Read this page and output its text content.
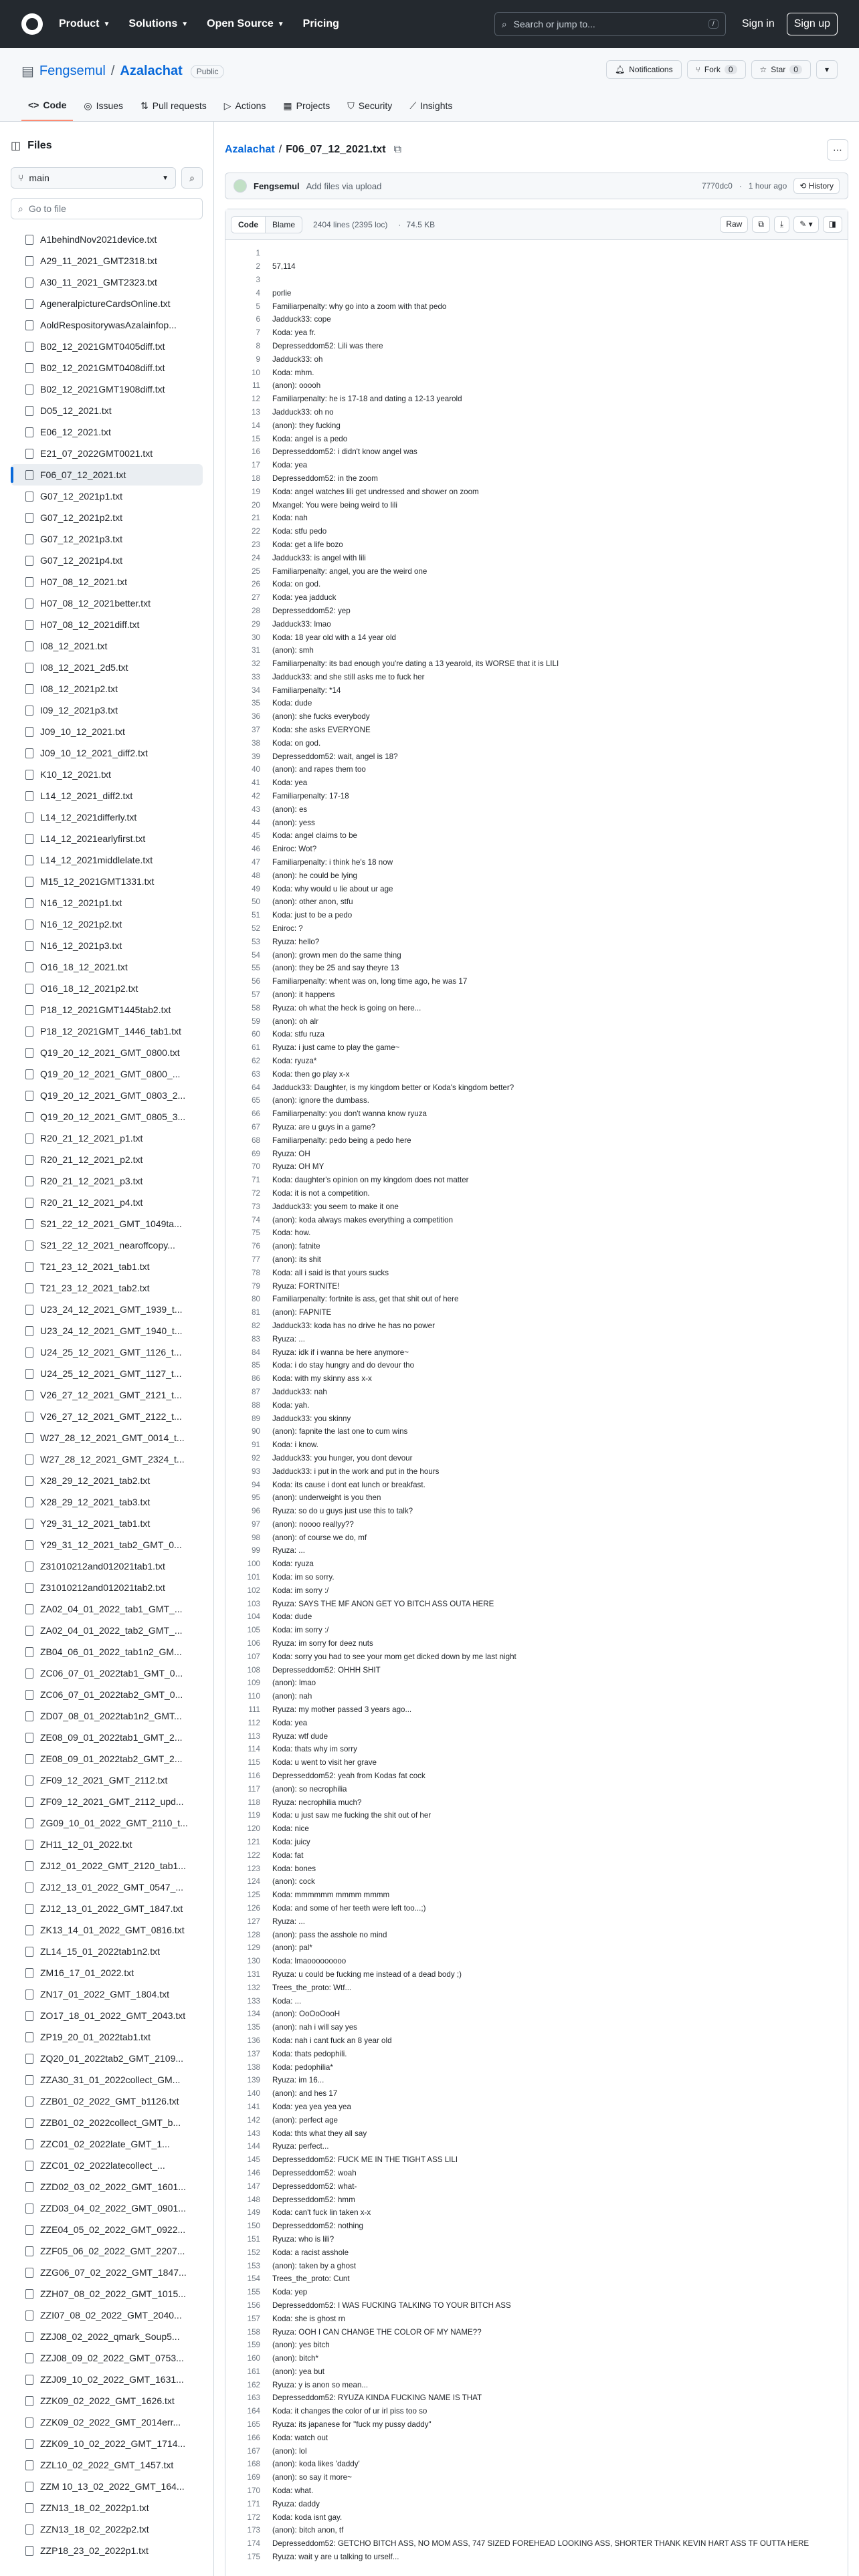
Product ▼ Solutions ▼ Open Source ▼ Pricing	⌕ Search or jump to...	/	Sign in	Sign up
▤ Fengsemul / Azalachat	Public	🔔︎ Notifications	⑂ Fork	0	☆ Star	0	▾
<> Code ◎ Issues ⇅ Pull requests ▷ Actions ▦ Projects ⛉ Security ⟋ Insights
◫ Files
⑂ main	▼ ⌕
⌕ Go to file
A1behindNov2021device.txt
A29_11_2021_GMT2318.txt
A30_11_2021_GMT2323.txt
AgeneralpictureCardsOnline.txt
AoldRespositorywasAzalainfop...
B02_12_2021GMT0405diff.txt
B02_12_2021GMT0408diff.txt
B02_12_2021GMT1908diff.txt
D05_12_2021.txt
E06_12_2021.txt
E21_07_2022GMT0021.txt
F06_07_12_2021.txt
G07_12_2021p1.txt
G07_12_2021p2.txt
G07_12_2021p3.txt
G07_12_2021p4.txt
H07_08_12_2021.txt
H07_08_12_2021better.txt
H07_08_12_2021diff.txt
I08_12_2021.txt
I08_12_2021_2d5.txt
I08_12_2021p2.txt
I09_12_2021p3.txt
J09_10_12_2021.txt
J09_10_12_2021_diff2.txt
K10_12_2021.txt
L14_12_2021_diff2.txt
L14_12_2021differly.txt
L14_12_2021earlyfirst.txt
L14_12_2021middlelate.txt
M15_12_2021GMT1331.txt
N16_12_2021p1.txt
N16_12_2021p2.txt
N16_12_2021p3.txt
O16_18_12_2021.txt
O16_18_12_2021p2.txt
P18_12_2021GMT1445tab2.txt
P18_12_2021GMT_1446_tab1.txt
Q19_20_12_2021_GMT_0800.txt
Q19_20_12_2021_GMT_0800_...
Q19_20_12_2021_GMT_0803_2...
Q19_20_12_2021_GMT_0805_3...
R20_21_12_2021_p1.txt
R20_21_12_2021_p2.txt
R20_21_12_2021_p3.txt
R20_21_12_2021_p4.txt
S21_22_12_2021_GMT_1049ta...
S21_22_12_2021_nearoffcopy...
T21_23_12_2021_tab1.txt
T21_23_12_2021_tab2.txt
U23_24_12_2021_GMT_1939_t...
U23_24_12_2021_GMT_1940_t...
U24_25_12_2021_GMT_1126_t...
U24_25_12_2021_GMT_1127_t...
V26_27_12_2021_GMT_2121_t...
V26_27_12_2021_GMT_2122_t...
W27_28_12_2021_GMT_0014_t...
W27_28_12_2021_GMT_2324_t...
X28_29_12_2021_tab2.txt
X28_29_12_2021_tab3.txt
Y29_31_12_2021_tab1.txt
Y29_31_12_2021_tab2_GMT_0...
Z31010212and012021tab1.txt
Z31010212and012021tab2.txt
ZA02_04_01_2022_tab1_GMT_...
ZA02_04_01_2022_tab2_GMT_...
ZB04_06_01_2022_tab1n2_GM...
ZC06_07_01_2022tab1_GMT_0...
ZC06_07_01_2022tab2_GMT_0...
ZD07_08_01_2022tab1n2_GMT...
ZE08_09_01_2022tab1_GMT_2...
ZE08_09_01_2022tab2_GMT_2...
ZF09_12_2021_GMT_2112.txt
ZF09_12_2021_GMT_2112_upd...
ZG09_10_01_2022_GMT_2110_t...
ZH11_12_01_2022.txt
ZJ12_01_2022_GMT_2120_tab1...
ZJ12_13_01_2022_GMT_0547_...
ZJ12_13_01_2022_GMT_1847.txt
ZK13_14_01_2022_GMT_0816.txt
ZL14_15_01_2022tab1n2.txt
ZM16_17_01_2022.txt
ZN17_01_2022_GMT_1804.txt
ZO17_18_01_2022_GMT_2043.txt
ZP19_20_01_2022tab1.txt
ZQ20_01_2022tab2_GMT_2109...
ZZA30_31_01_2022collect_GM...
ZZB01_02_2022_GMT_b1126.txt
ZZB01_02_2022collect_GMT_b...
ZZC01_02_2022late_GMT_1...
ZZC01_02_2022latecollect_...
ZZD02_03_02_2022_GMT_1601...
ZZD03_04_02_2022_GMT_0901...
ZZE04_05_02_2022_GMT_0922...
ZZF05_06_02_2022_GMT_2207...
ZZG06_07_02_2022_GMT_1847...
ZZH07_08_02_2022_GMT_1015...
ZZI07_08_02_2022_GMT_2040...
ZZJ08_02_2022_qmark_Soup5...
ZZJ08_09_02_2022_GMT_0753...
ZZJ09_10_02_2022_GMT_1631...
ZZK09_02_2022_GMT_1626.txt
ZZK09_02_2022_GMT_2014err...
ZZK09_10_02_2022_GMT_1714...
ZZL10_02_2022_GMT_1457.txt
ZZM 10_13_02_2022_GMT_164...
ZZN13_18_02_2022p1.txt
ZZN13_18_02_2022p2.txt
ZZP18_23_02_2022p1.txt
Azalachat / F06_07_12_2021.txt ⧉	⋯
Fengsemul Add files via upload	7770dc0 · 1 hour ago	⟲ History
Code	Blame	2404 lines (2395 loc) · 74.5 KB	Raw	⧉	⤓	✎ ▾	◨
1
2	57,114
3
4	porlie
5	Familiarpenalty: why go into a zoom with that pedo
6	Jadduck33: cope
7	Koda: yea fr.
8	Depresseddom52: Lili was there
9	Jadduck33: oh
10	Koda: mhm.
11	(anon): ooooh
12	Familiarpenalty: he is 17-18 and dating a 12-13 yearold
13	Jadduck33: oh no
14	(anon): they fucking
15	Koda: angel is a pedo
16	Depresseddom52: i didn't know angel was
17	Koda: yea
18	Depresseddom52: in the zoom
19	Koda: angel watches lili get undressed and shower on zoom
20	Mxangel: You were being weird to lili
21	Koda: nah
22	Koda: stfu pedo
23	Koda: get a life bozo
24	Jadduck33: is angel with lili
25	Familiarpenalty: angel, you are the weird one
26	Koda: on god.
27	Koda: yea jadduck
28	Depresseddom52: yep
29	Jadduck33: lmao
30	Koda: 18 year old with a 14 year old
31	(anon): smh
32	Familiarpenalty: its bad enough you're dating a 13 yearold, its WORSE that it is LILI
33	Jadduck33: and she still asks me to fuck her
34	Familiarpenalty: *14
35	Koda: dude
36	(anon): she fucks everybody
37	Koda: she asks EVERYONE
38	Koda: on god.
39	Depresseddom52: wait, angel is 18?
40	(anon): and rapes them too
41	Koda: yea
42	Familiarpenalty: 17-18
43	(anon): es
44	(anon): yess
45	Koda: angel claims to be
46	Eniroc: Wot?
47	Familiarpenalty: i think he's 18 now
48	(anon): he could be lying
49	Koda: why would u lie about ur age
50	(anon): other anon, stfu
51	Koda: just to be a pedo
52	Eniroc: ?
53	Ryuza: hello?
54	(anon): grown men do the same thing
55	(anon): they be 25 and say theyre 13
56	Familiarpenalty: whent was on, long time ago, he was 17
57	(anon): it happens
58	Ryuza: oh what the heck is going on here...
59	(anon): oh alr
60	Koda: stfu ruza
61	Ryuza: i just came to play the game~
62	Koda: ryuza*
63	Koda: then go play x-x
64	Jadduck33: Daughter, is my kingdom better or Koda's kingdom better?
65	(anon): ignore the dumbass.
66	Familiarpenalty: you don't wanna know ryuza
67	Ryuza: are u guys in a game?
68	Familiarpenalty: pedo being a pedo here
69	Ryuza: OH
70	Ryuza: OH MY
71	Koda: daughter's opinion on my kingdom does not matter
72	Koda: it is not a competition.
73	Jadduck33: you seem to make it one
74	(anon): koda always makes everything a competition
75	Koda: how.
76	(anon): fatnite
77	(anon): its shit
78	Koda: all i said is that yours sucks
79	Ryuza: FORTNITE!
80	Familiarpenalty: fortnite is ass, get that shit out of here
81	(anon): FAPNITE
82	Jadduck33: koda has no drive he has no power
83	Ryuza: ...
84	Ryuza: idk if i wanna be here anymore~
85	Koda: i do stay hungry and do devour tho
86	Koda: with my skinny ass x-x
87	Jadduck33: nah
88	Koda: yah.
89	Jadduck33: you skinny
90	(anon): fapnite the last one to cum wins
91	Koda: i know.
92	Jadduck33: you hunger, you dont devour
93	Jadduck33: i put in the work and put in the hours
94	Koda: its cause i dont eat lunch or breakfast.
95	(anon): underweight is you then
96	Ryuza: so do u guys just use this to talk?
97	(anon): noooo reallyy??
98	(anon): of course we do, mf
99	Ryuza: ...
100	Koda: ryuza
101	Koda: im so sorry.
102	Koda: im sorry :/
103	Ryuza: SAYS THE MF ANON GET YO BITCH ASS OUTA HERE
104	Koda: dude
105	Koda: im sorry :/
106	Ryuza: im sorry for deez nuts
107	Koda: sorry you had to see your mom get dicked down by me last night
108	Depresseddom52: OHHH SHIT
109	(anon): lmao
110	(anon): nah
111	Ryuza: my mother passed 3 years ago...
112	Koda: yea
113	Ryuza: wtf dude
114	Koda: thats why im sorry
115	Koda: u went to visit her grave
116	Depresseddom52: yeah from Kodas fat cock
117	(anon): so necrophilia
118	Ryuza: necrophilia much?
119	Koda: u just saw me fucking the shit out of her
120	Koda: nice
121	Koda: juicy
122	Koda: fat
123	Koda: bones
124	(anon): cock
125	Koda: mmmmmm mmmm mmmm
126	Koda: and some of her teeth were left too...;)
127	Ryuza: ...
128	(anon): pass the asshole no mind
129	(anon): pal*
130	Koda: lmaooooooooo
131	Ryuza: u could be fucking me instead of a dead body ;)
132	Trees_the_proto: Wtf...
133	Koda: ...
134	(anon): OoOoOooH
135	(anon): nah i will say yes
136	Koda: nah i cant fuck an 8 year old
137	Koda: thats pedophili.
138	Koda: pedophilia*
139	Ryuza: im 16...
140	(anon): and hes 17
141	Koda: yea yea yea yea
142	(anon): perfect age
143	Koda: thts what they all say
144	Ryuza: perfect...
145	Depresseddom52: FUCK ME IN THE TIGHT ASS LILI
146	Depresseddom52: woah
147	Depresseddom52: what-
148	Depresseddom52: hmm
149	Koda: can't fuck lin taken x-x
150	Depresseddom52: nothing
151	Ryuza: who is lili?
152	Koda: a racist asshole
153	(anon): taken by a ghost
154	Trees_the_proto: Cunt
155	Koda: yep
156	Depresseddom52: I WAS FUCKING TALKING TO YOUR BITCH ASS
157	Koda: she is ghost rn
158	Ryuza: OOH I CAN CHANGE THE COLOR OF MY NAME??
159	(anon): yes bitch
160	(anon): bitch*
161	(anon): yea but
162	Ryuza: y is anon so mean...
163	Depresseddom52: RYUZA KINDA FUCKING NAME IS THAT
164	Koda: it changes the color of ur irl piss too so
165	Ryuza: its japanese for "fuck my pussy daddy"
166	Koda: watch out
167	(anon): lol
168	(anon): koda likes 'daddy'
169	(anon): so say it more~
170	Koda: what.
171	Ryuza: daddy
172	Koda: koda isnt gay.
173	(anon): bitch anon, tf
174	Depresseddom52: GETCHO BITCH ASS, NO MOM ASS, 747 SIZED FOREHEAD LOOKING ASS, SHORTER THANK KEVIN HART ASS TF OUTTA HERE
175	Ryuza: wait y are u talking to urself...
